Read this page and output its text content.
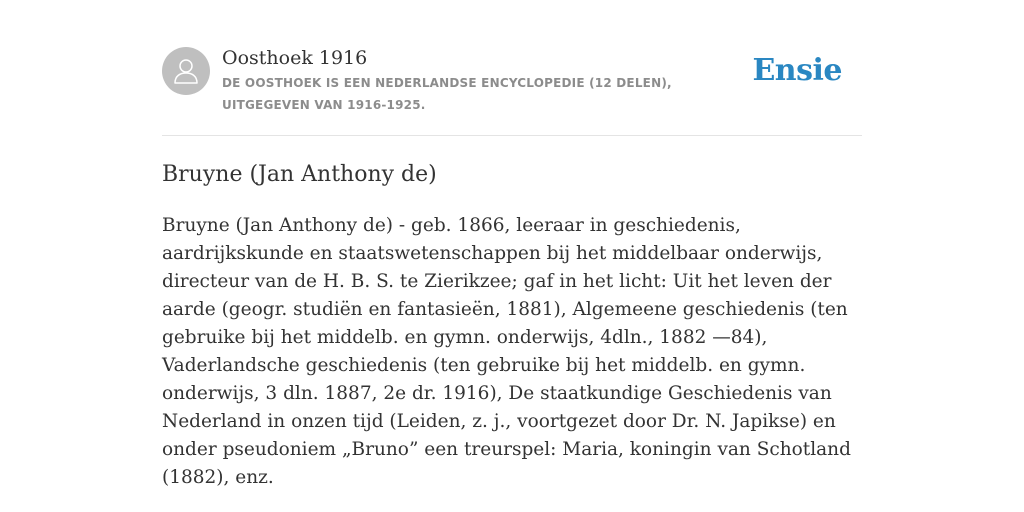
Oosthoek 1916
DE OOSTHOEK IS EEN NEDERLANDSE ENCYCLOPEDIE (12 DELEN), UITGEGEVEN VAN 1916-1925.
Ensie
Bruyne (Jan Anthony de)

Bruyne (Jan Anthony de) - geb. 1866, leeraar in geschiedenis, aardrijkskunde en staatswetenschappen bij het middelbaar onderwijs, directeur van de H. B. S. te Zierikzee; gaf in het licht: Uit het leven der aarde (geogr. studiën en fantasieën, 1881), Algemeene geschiedenis (ten gebruike bij het middelb. en gymn. onderwijs, 4dln., 1882 —84), Vaderlandsche geschiedenis (ten gebruike bij het middelb. en gymn. onderwijs, 3 dln. 1887, 2e dr. 1916), De staatkundige Geschiedenis van Nederland in onzen tijd (Leiden, z. j., voortgezet door Dr. N. Japikse) en onder pseudoniem „Bruno” een treurspel: Maria, koningin van Schotland (1882), enz.
